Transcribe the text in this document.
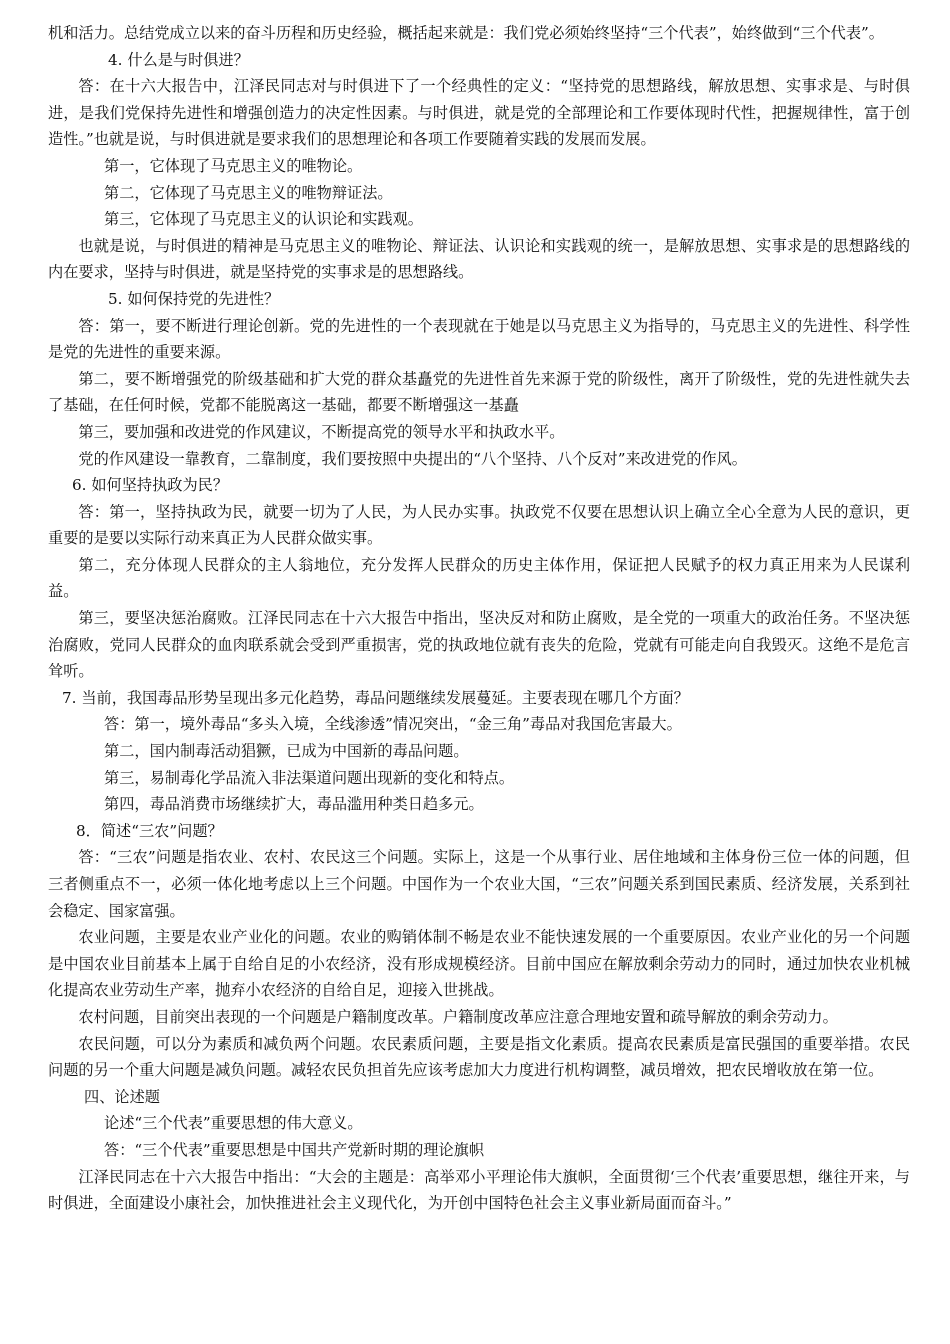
机和活力。总结党成立以来的奋斗历程和历史经验，概括起来就是：我们党必须始终坚持“三个代表”，始终做到“三个代表”。

4. 什么是与时俱进？

答：在十六大报告中，江泽民同志对与时俱进下了一个经典性的定义：“坚持党的思想路线，解放思想、实事求是、与时俱进，是我们党保持先进性和增强创造力的决定性因素。与时俱进，就是党的全部理论和工作要体现时代性，把握规律性，富于创造性。”也就是说，与时俱进就是要求我们的思想理论和各项工作要随着实践的发展而发展。

第一，它体现了马克思主义的唯物论。

第二，它体现了马克思主义的唯物辩证法。

第三，它体现了马克思主义的认识论和实践观。

也就是说，与时俱进的精神是马克思主义的唯物论、辩证法、认识论和实践观的统一，是解放思想、实事求是的思想路线的内在要求，坚持与时俱进，就是坚持党的实事求是的思想路线。

5. 如何保持党的先进性？

答：第一，要不断进行理论创新。党的先进性的一个表现就在于她是以马克思主义为指导的，马克思主义的先进性、科学性是党的先进性的重要来源。

第二，要不断增强党的阶级基础和扩大党的群众基矗党的先进性首先来源于党的阶级性，离开了阶级性，党的先进性就失去了基础，在任何时候，党都不能脱离这一基础，都要不断增强这一基矗

第三，要加强和改进党的作风建议，不断提高党的领导水平和执政水平。

党的作风建设一靠教育，二靠制度，我们要按照中央提出的“八个坚持、八个反对”来改进党的作风。

6. 如何坚持执政为民？

答：第一，坚持执政为民，就要一切为了人民，为人民办实事。执政党不仅要在思想认识上确立全心全意为人民的意识，更重要的是要以实际行动来真正为人民群众做实事。

第二，充分体现人民群众的主人翁地位，充分发挥人民群众的历史主体作用，保证把人民赋予的权力真正用来为人民谋利益。

第三，要坚决惩治腐败。江泽民同志在十六大报告中指出，坚决反对和防止腐败，是全党的一项重大的政治任务。不坚决惩治腐败，党同人民群众的血肉联系就会受到严重损害，党的执政地位就有丧失的危险，党就有可能走向自我毁灭。这绝不是危言耸听。

7. 当前，我国毒品形势呈现出多元化趋势，毒品问题继续发展蔓延。主要表现在哪几个方面？

答：第一，境外毒品“多头入境，全线渗透”情况突出，“金三角”毒品对我国危害最大。

第二，国内制毒活动猖獗，已成为中国新的毒品问题。

第三，易制毒化学品流入非法渠道问题出现新的变化和特点。

第四，毒品消费市场继续扩大，毒品滥用种类日趋多元。

8．简述“三农”问题？

答：“三农”问题是指农业、农村、农民这三个问题。实际上，这是一个从事行业、居住地域和主体身份三位一体的问题，但三者侧重点不一，必须一体化地考虑以上三个问题。中国作为一个农业大国，“三农”问题关系到国民素质、经济发展，关系到社会稳定、国家富强。

农业问题，主要是农业产业化的问题。农业的购销体制不畅是农业不能快速发展的一个重要原因。农业产业化的另一个问题是中国农业目前基本上属于自给自足的小农经济，没有形成规模经济。目前中国应在解放剩余劳动力的同时，通过加快农业机械化提高农业劳动生产率，抛弃小农经济的自给自足，迎接入世挑战。

农村问题，目前突出表现的一个问题是户籍制度改革。户籍制度改革应注意合理地安置和疏导解放的剩余劳动力。

农民问题，可以分为素质和减负两个问题。农民素质问题，主要是指文化素质。提高农民素质是富民强国的重要举措。农民问题的另一个重大问题是减负问题。减轻农民负担首先应该考虑加大力度进行机构调整，减员增效，把农民增收放在第一位。

四、论述题

论述“三个代表”重要思想的伟大意义。

答：“三个代表”重要思想是中国共产党新时期的理论旗帜

江泽民同志在十六大报告中指出：“大会的主题是：高举邓小平理论伟大旗帜，全面贯彻‘三个代表’重要思想，继往开来，与时俱进，全面建设小康社会，加快推进社会主义现代化，为开创中国特色社会主义事业新局面而奋斗。”
